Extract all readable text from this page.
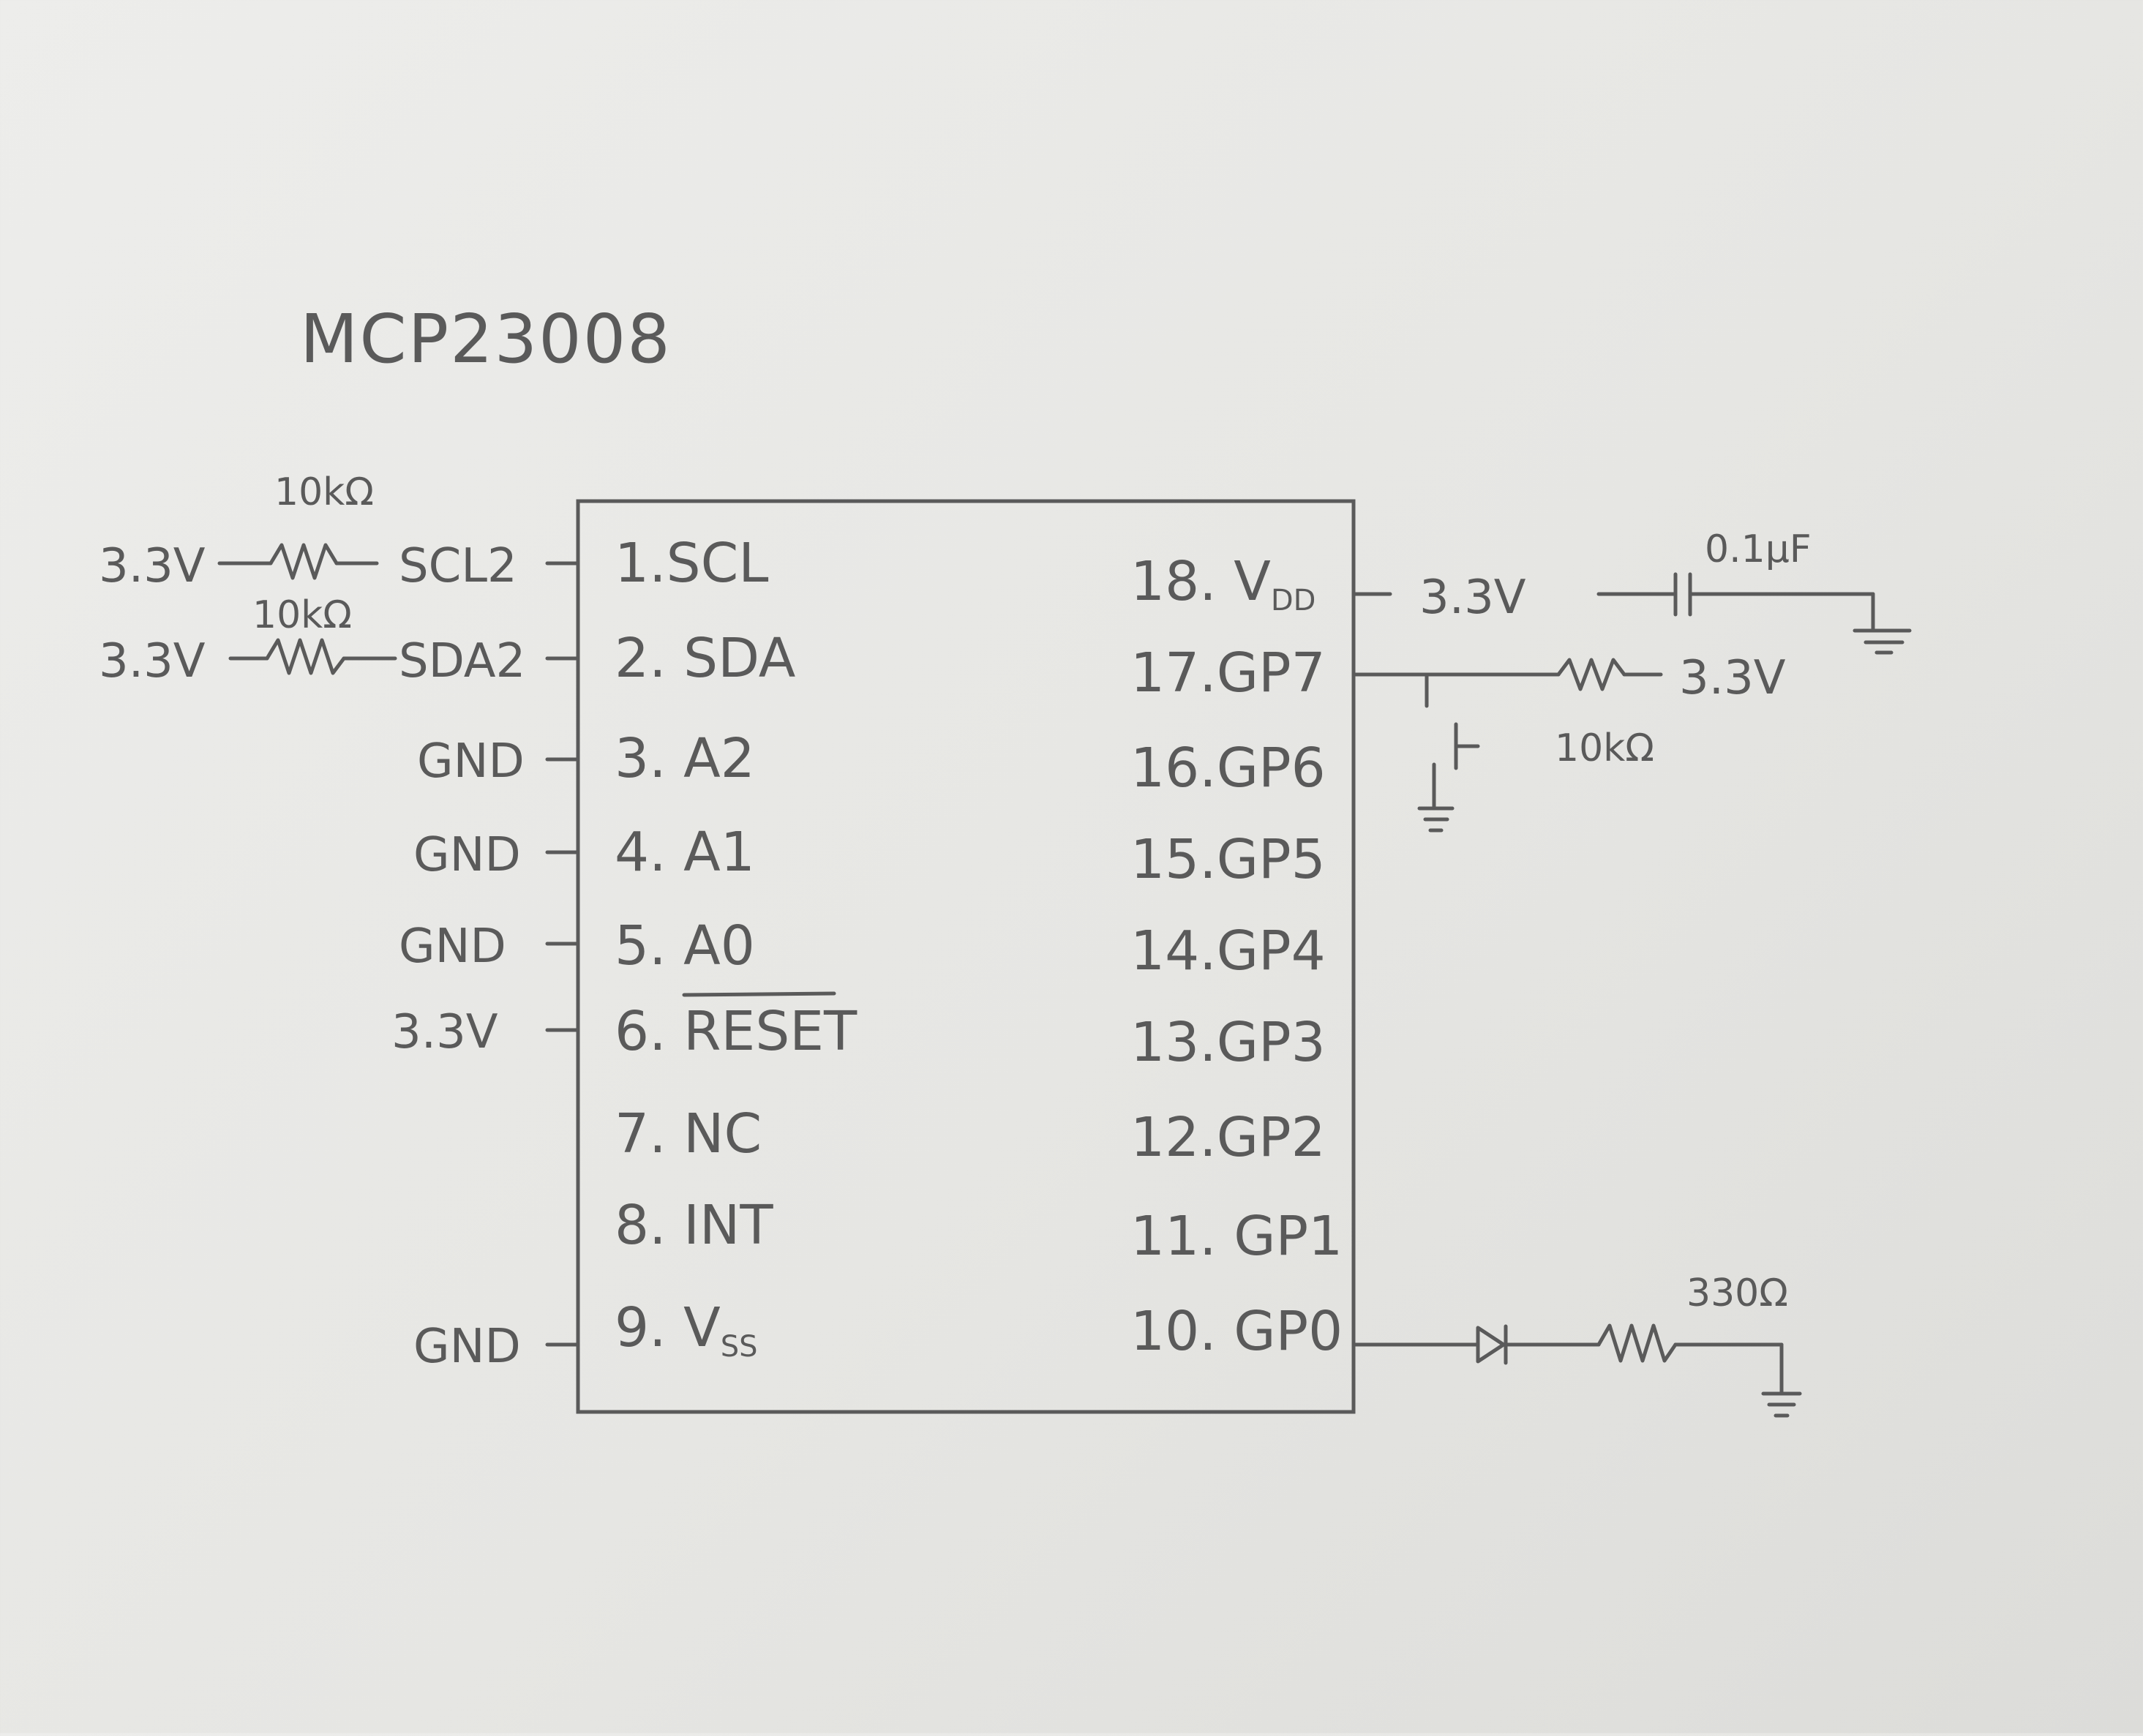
MCP23008
1.SCL
2. SDA
3. A2
4. A1
5. A0
6. RESET
7. NC
8. INT
9. VSS
18. VDD
17.GP7
16.GP6
15.GP5
14.GP4
13.GP3
12.GP2
11. GP1
10. GP0
3.3V
10kΩ
SCL2
3.3V
10kΩ
SDA2
GND
GND
GND
3.3V
GND
3.3V
0.1µF
3.3V
10kΩ
330Ω
